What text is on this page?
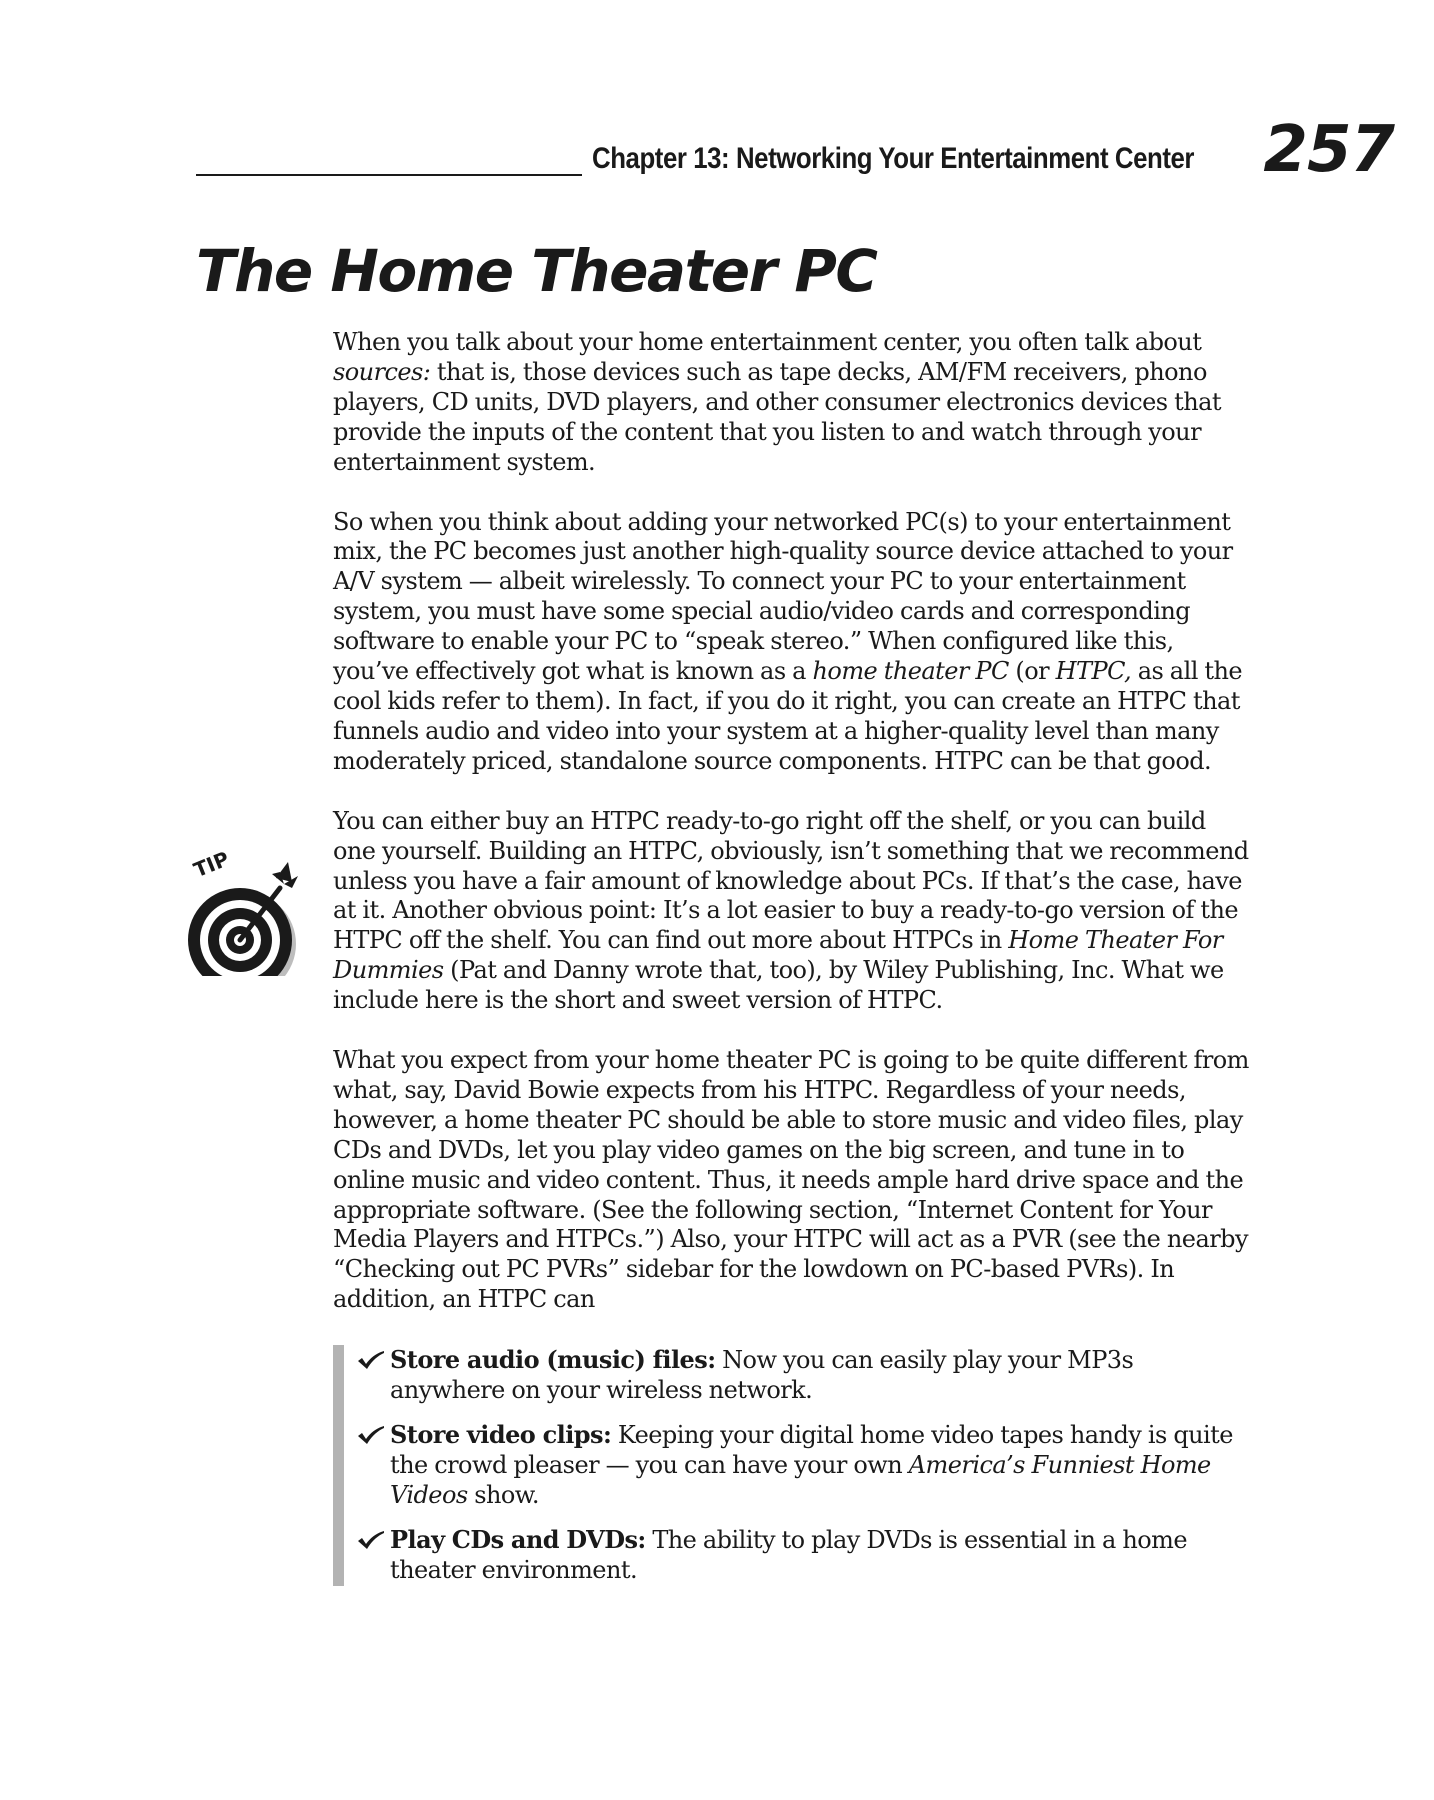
Chapter 13: Networking Your Entertainment Center 257
The Home Theater PC
TIP

When you talk about your home entertainment center, you often talk about sources: that is, those devices such as tape decks, AM/FM receivers, phono players, CD units, DVD players, and other consumer electronics devices that provide the inputs of the content that you listen to and watch through your entertainment system.

So when you think about adding your networked PC(s) to your entertainment mix, the PC becomes just another high-quality source device attached to your A/V system — albeit wirelessly. To connect your PC to your entertainment system, you must have some special audio/video cards and corresponding software to enable your PC to “speak stereo.” When configured like this, you’ve effectively got what is known as a home theater PC (or HTPC, as all the cool kids refer to them). In fact, if you do it right, you can create an HTPC that funnels audio and video into your system at a higher-quality level than many moderately priced, standalone source components. HTPC can be that good.

You can either buy an HTPC ready-to-go right off the shelf, or you can build one yourself. Building an HTPC, obviously, isn’t something that we recommend unless you have a fair amount of knowledge about PCs. If that’s the case, have at it. Another obvious point: It’s a lot easier to buy a ready-to-go version of the HTPC off the shelf. You can find out more about HTPCs in Home Theater For Dummies (Pat and Danny wrote that, too), by Wiley Publishing, Inc. What we include here is the short and sweet version of HTPC.

What you expect from your home theater PC is going to be quite different from what, say, David Bowie expects from his HTPC. Regardless of your needs, however, a home theater PC should be able to store music and video files, play CDs and DVDs, let you play video games on the big screen, and tune in to online music and video content. Thus, it needs ample hard drive space and the appropriate software. (See the following section, “Internet Content for Your Media Players and HTPCs.”) Also, your HTPC will act as a PVR (see the nearby “Checking out PC PVRs” sidebar for the lowdown on PC-based PVRs). In addition, an HTPC can

Store audio (music) files: Now you can easily play your MP3s anywhere on your wireless network.
Store video clips: Keeping your digital home video tapes handy is quite the crowd pleaser — you can have your own America’s Funniest Home Videos show.
Play CDs and DVDs: The ability to play DVDs is essential in a home theater environment.
